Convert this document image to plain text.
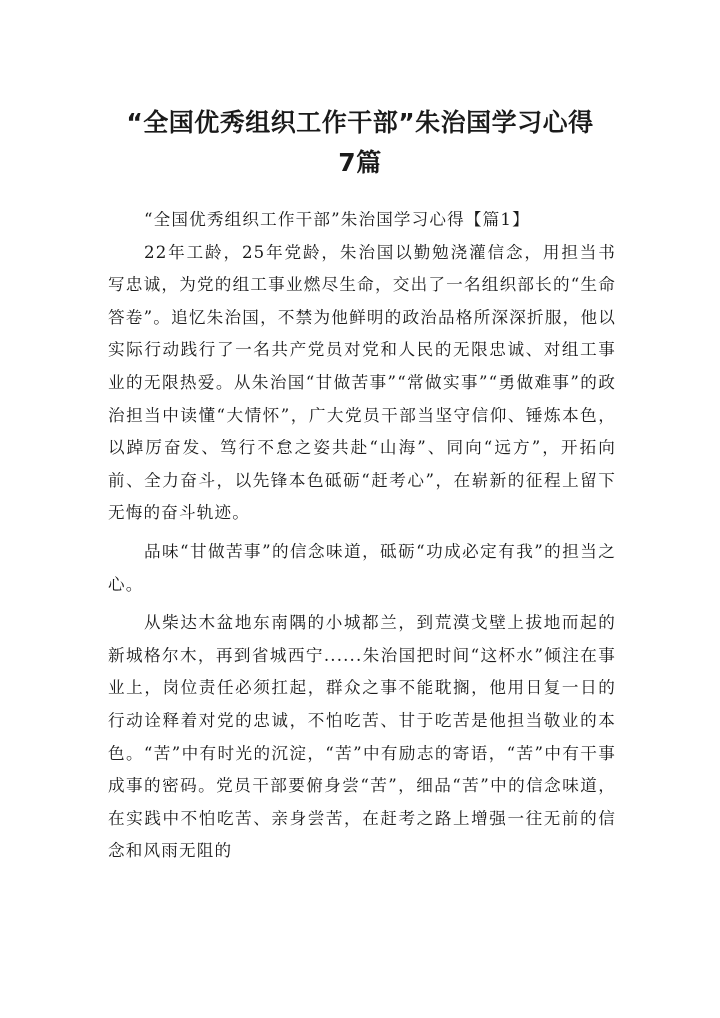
“全国优秀组织工作干部”朱治国学习心得
7篇

“全国优秀组织工作干部”朱治国学习心得【篇1】

22年工龄，25年党龄，朱治国以勤勉浇灌信念，用担当书写忠诚，为党的组工事业燃尽生命，交出了一名组织部长的“生命答卷”。追忆朱治国，不禁为他鲜明的政治品格所深深折服，他以实际行动践行了一名共产党员对党和人民的无限忠诚、对组工事业的无限热爱。从朱治国“甘做苦事”“常做实事”“勇做难事”的政治担当中读懂“大情怀”，广大党员干部当坚守信仰、锤炼本色，以踔厉奋发、笃行不怠之姿共赴“山海”、同向“远方”，开拓向前、全力奋斗，以先锋本色砥砺“赶考心”，在崭新的征程上留下无悔的奋斗轨迹。

品味“甘做苦事”的信念味道，砥砺“功成必定有我”的担当之心。

从柴达木盆地东南隅的小城都兰，到荒漠戈壁上拔地而起的新城格尔木，再到省城西宁......朱治国把时间“这杯水”倾注在事业上，岗位责任必须扛起，群众之事不能耽搁，他用日复一日的行动诠释着对党的忠诚，不怕吃苦、甘于吃苦是他担当敬业的本色。“苦”中有时光的沉淀，“苦”中有励志的寄语，“苦”中有干事成事的密码。党员干部要俯身尝“苦”，细品“苦”中的信念味道，在实践中不怕吃苦、亲身尝苦，在赶考之路上增强一往无前的信念和风雨无阻的
